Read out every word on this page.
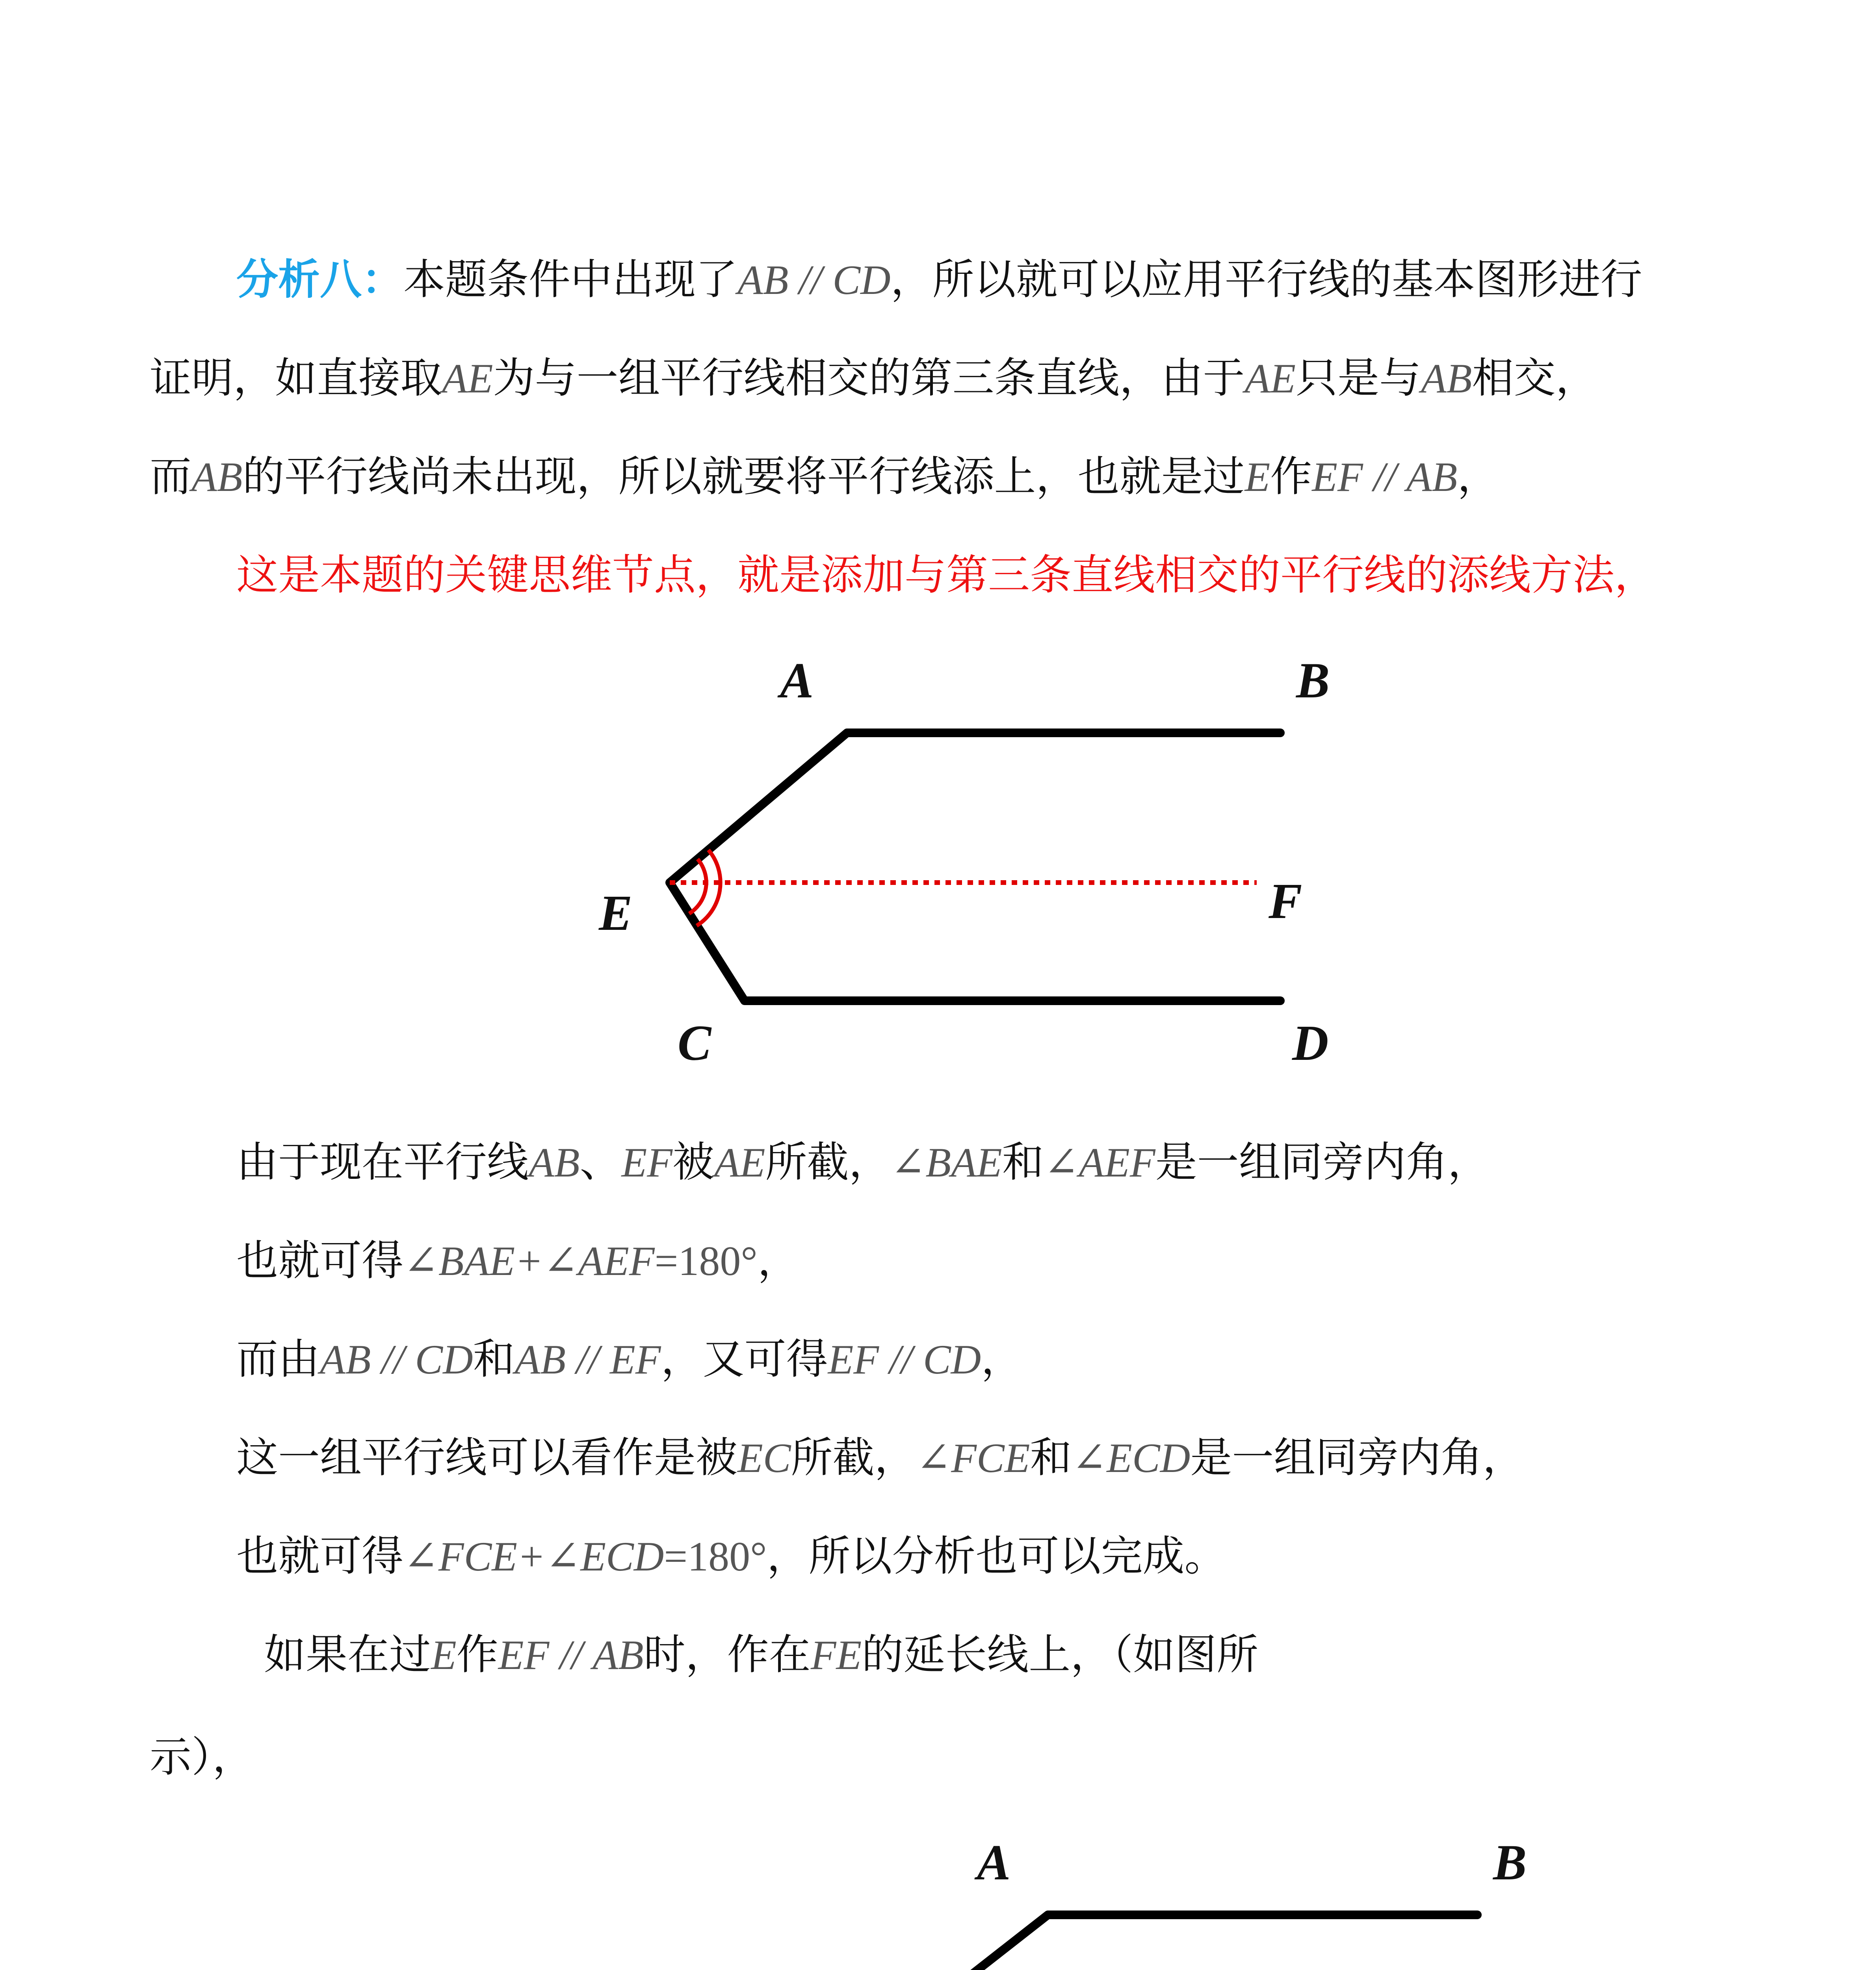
分析八：本题条件中出现了AB // CD，所以就可以应用平行线的基本图形进行

证明，如直接取AE为与一组平行线相交的第三条直线，由于AE只是与AB相交，

而AB的平行线尚未出现，所以就要将平行线添上，也就是过E作EF // AB，

这是本题的关键思维节点，就是添加与第三条直线相交的平行线的添线方法，

A	B
E	F
C	D

由于现在平行线AB、EF被AE所截，∠BAE和∠AEF是一组同旁内角，

也就可得∠BAE+∠AEF=180°，

而由AB // CD和AB // EF，又可得EF // CD，

这一组平行线可以看作是被EC所截，∠FCE和∠ECD是一组同旁内角，

也就可得∠FCE+∠ECD=180°，所以分析也可以完成。

如果在过E作EF // AB时，作在FE的延长线上，（如图所

示），

A	B
